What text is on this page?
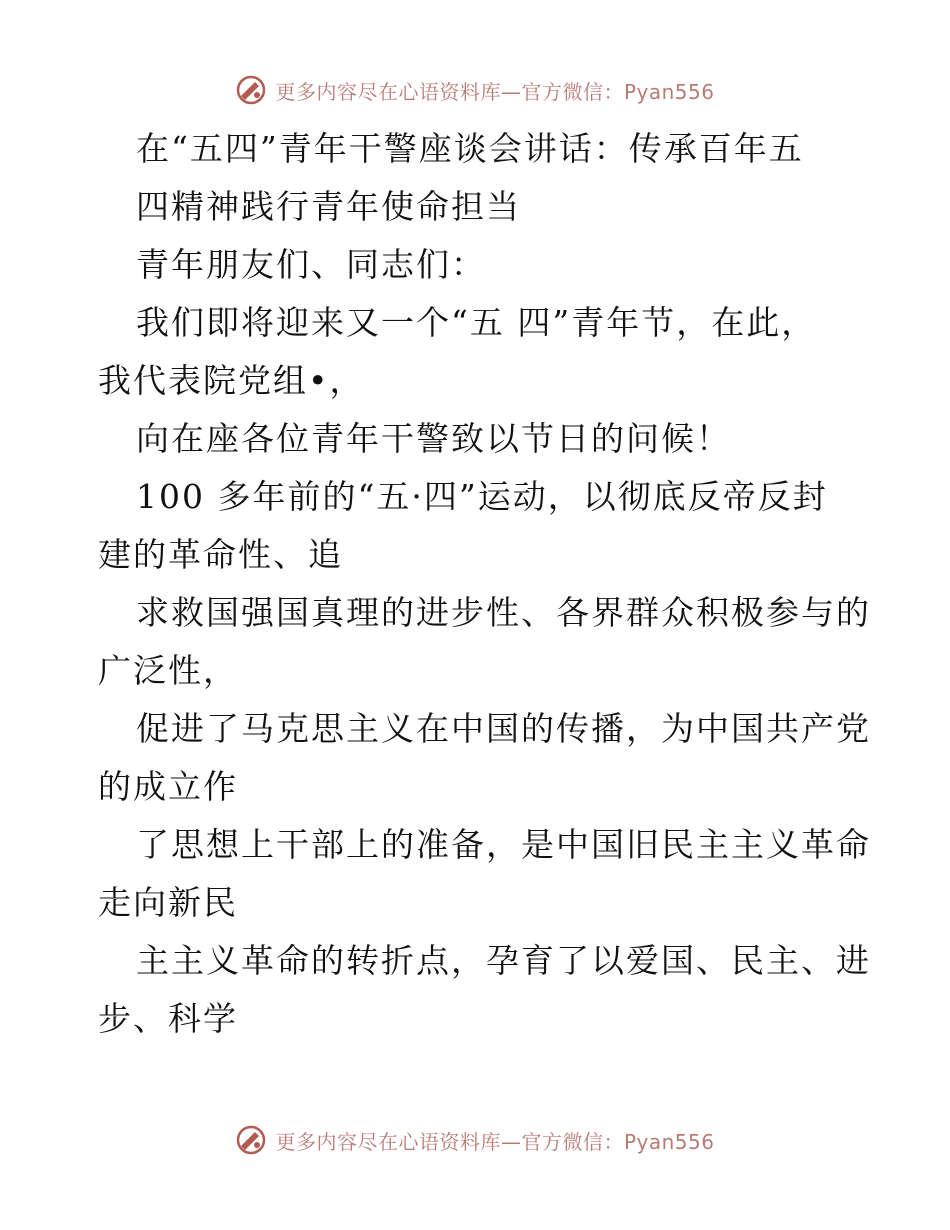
更多内容尽在心语资料库—官方微信：Pyan556
在“五四”青年干警座谈会讲话：传承百年五
四精神践行青年使命担当
青年朋友们、同志们：
我们即将迎来又一个“五 四”青年节，在此，
我代表院党组•，
向在座各位青年干警致以节日的问候！
100 多年前的“五·四”运动，以彻底反帝反封
建的革命性、追
求救国强国真理的进步性、各界群众积极参与的
广泛性，
促进了马克思主义在中国的传播，为中国共产党
的成立作
了思想上干部上的准备，是中国旧民主主义革命
走向新民
主主义革命的转折点，孕育了以爱国、民主、进
步、科学
更多内容尽在心语资料库—官方微信：Pyan556
